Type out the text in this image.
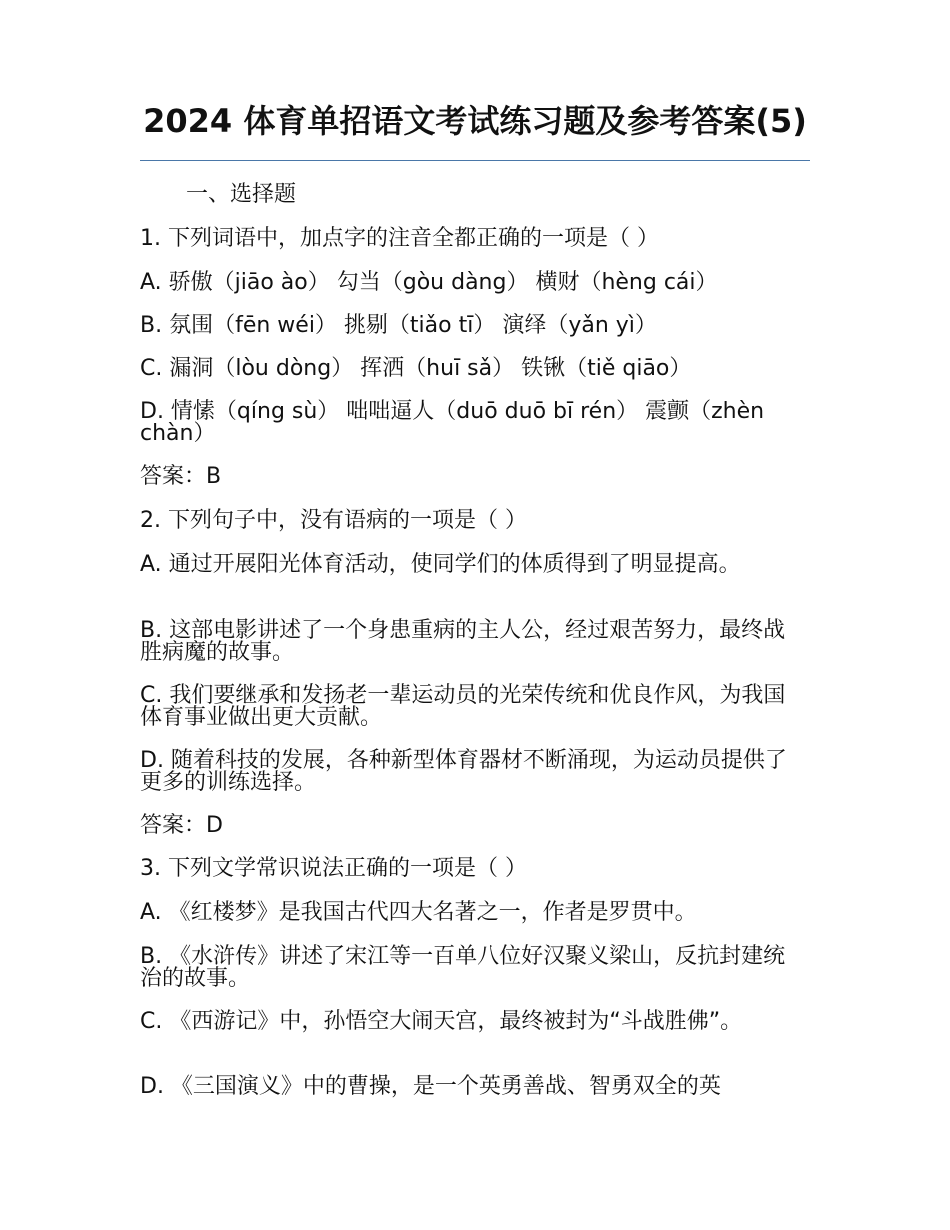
2024 体育单招语文考试练习题及参考答案(5)
一、选择题
1. 下列词语中，加点字的注音全都正确的一项是（ ）
A. 骄傲（jiāo ào） 勾当（gòu dàng） 横财（hèng cái）
B. 氛围（fēn wéi） 挑剔（tiǎo tī） 演绎（yǎn yì）
C. 漏洞（lòu dòng） 挥洒（huī sǎ） 铁锹（tiě qiāo）
D. 情愫（qíng sù） 咄咄逼人（duō duō bī rén） 震颤（zhèn chàn）
答案：B
2. 下列句子中，没有语病的一项是（ ）
A. 通过开展阳光体育活动，使同学们的体质得到了明显提高。
B. 这部电影讲述了一个身患重病的主人公，经过艰苦努力，最终战胜病魔的故事。
C. 我们要继承和发扬老一辈运动员的光荣传统和优良作风，为我国体育事业做出更大贡献。
D. 随着科技的发展，各种新型体育器材不断涌现，为运动员提供了更多的训练选择。
答案：D
3. 下列文学常识说法正确的一项是（ ）
A. 《红楼梦》是我国古代四大名著之一，作者是罗贯中。
B. 《水浒传》讲述了宋江等一百单八位好汉聚义梁山，反抗封建统治的故事。
C. 《西游记》中，孙悟空大闹天宫，最终被封为“斗战胜佛”。
D. 《三国演义》中的曹操，是一个英勇善战、智勇双全的英
